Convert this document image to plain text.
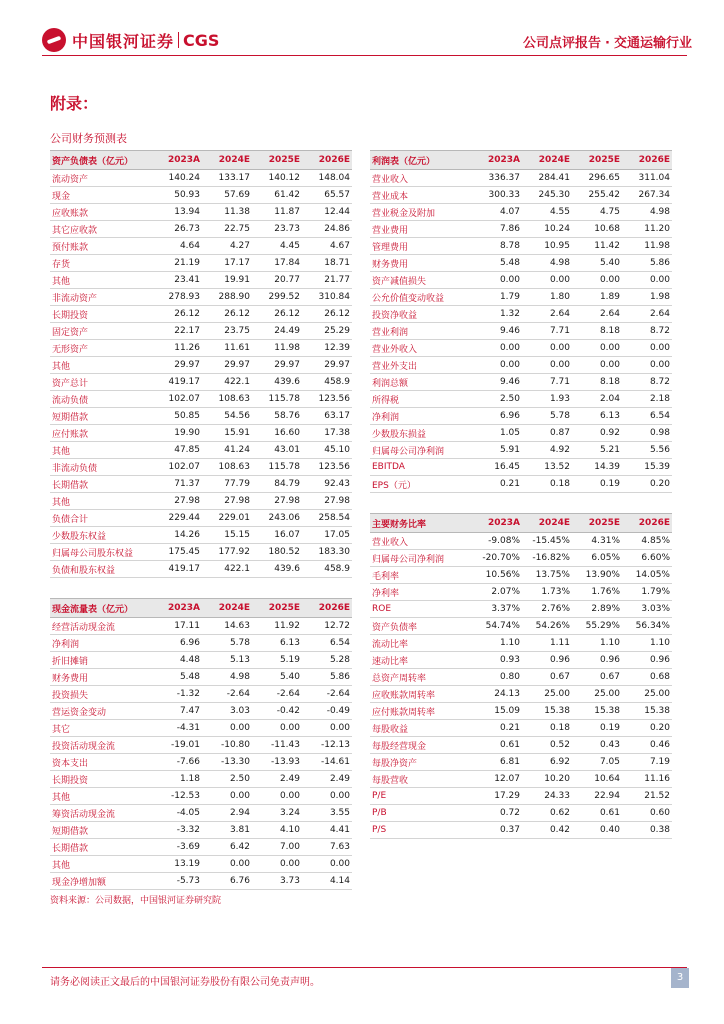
中国银河证券 CGS	公司点评报告 · 交通运输行业
附录：
公司财务预测表
资产负债表（亿元）	2023A	2024E	2025E	2026E
流动资产	140.24	133.17	140.12	148.04
现金	50.93	57.69	61.42	65.57
应收账款	13.94	11.38	11.87	12.44
其它应收款	26.73	22.75	23.73	24.86
预付账款	4.64	4.27	4.45	4.67
存货	21.19	17.17	17.84	18.71
其他	23.41	19.91	20.77	21.77
非流动资产	278.93	288.90	299.52	310.84
长期投资	26.12	26.12	26.12	26.12
固定资产	22.17	23.75	24.49	25.29
无形资产	11.26	11.61	11.98	12.39
其他	29.97	29.97	29.97	29.97
资产总计	419.17	422.1	439.6	458.9
流动负债	102.07	108.63	115.78	123.56
短期借款	50.85	54.56	58.76	63.17
应付账款	19.90	15.91	16.60	17.38
其他	47.85	41.24	43.01	45.10
非流动负债	102.07	108.63	115.78	123.56
长期借款	71.37	77.79	84.79	92.43
其他	27.98	27.98	27.98	27.98
负债合计	229.44	229.01	243.06	258.54
少数股东权益	14.26	15.15	16.07	17.05
归属母公司股东权益	175.45	177.92	180.52	183.30
负债和股东权益	419.17	422.1	439.6	458.9
现金流量表（亿元）	2023A	2024E	2025E	2026E
经营活动现金流	17.11	14.63	11.92	12.72
净利润	6.96	5.78	6.13	6.54
折旧摊销	4.48	5.13	5.19	5.28
财务费用	5.48	4.98	5.40	5.86
投资损失	-1.32	-2.64	-2.64	-2.64
营运资金变动	7.47	3.03	-0.42	-0.49
其它	-4.31	0.00	0.00	0.00
投资活动现金流	-19.01	-10.80	-11.43	-12.13
资本支出	-7.66	-13.30	-13.93	-14.61
长期投资	1.18	2.50	2.49	2.49
其他	-12.53	0.00	0.00	0.00
筹资活动现金流	-4.05	2.94	3.24	3.55
短期借款	-3.32	3.81	4.10	4.41
长期借款	-3.69	6.42	7.00	7.63
其他	13.19	0.00	0.00	0.00
现金净增加额	-5.73	6.76	3.73	4.14
利润表（亿元）	2023A	2024E	2025E	2026E
营业收入	336.37	284.41	296.65	311.04
营业成本	300.33	245.30	255.42	267.34
营业税金及附加	4.07	4.55	4.75	4.98
营业费用	7.86	10.24	10.68	11.20
管理费用	8.78	10.95	11.42	11.98
财务费用	5.48	4.98	5.40	5.86
资产减值损失	0.00	0.00	0.00	0.00
公允价值变动收益	1.79	1.80	1.89	1.98
投资净收益	1.32	2.64	2.64	2.64
营业利润	9.46	7.71	8.18	8.72
营业外收入	0.00	0.00	0.00	0.00
营业外支出	0.00	0.00	0.00	0.00
利润总额	9.46	7.71	8.18	8.72
所得税	2.50	1.93	2.04	2.18
净利润	6.96	5.78	6.13	6.54
少数股东损益	1.05	0.87	0.92	0.98
归属母公司净利润	5.91	4.92	5.21	5.56
EBITDA	16.45	13.52	14.39	15.39
EPS（元）	0.21	0.18	0.19	0.20
主要财务比率	2023A	2024E	2025E	2026E
营业收入	-9.08%	-15.45%	4.31%	4.85%
归属母公司净利润	-20.70%	-16.82%	6.05%	6.60%
毛利率	10.56%	13.75%	13.90%	14.05%
净利率	2.07%	1.73%	1.76%	1.79%
ROE	3.37%	2.76%	2.89%	3.03%
资产负债率	54.74%	54.26%	55.29%	56.34%
流动比率	1.10	1.11	1.10	1.10
速动比率	0.93	0.96	0.96	0.96
总资产周转率	0.80	0.67	0.67	0.68
应收账款周转率	24.13	25.00	25.00	25.00
应付账款周转率	15.09	15.38	15.38	15.38
每股收益	0.21	0.18	0.19	0.20
每股经营现金	0.61	0.52	0.43	0.46
每股净资产	6.81	6.92	7.05	7.19
每股营收	12.07	10.20	10.64	11.16
P/E	17.29	24.33	22.94	21.52
P/B	0.72	0.62	0.61	0.60
P/S	0.37	0.42	0.40	0.38
资料来源：公司数据，中国银河证券研究院
请务必阅读正文最后的中国银河证券股份有限公司免责声明。	3
